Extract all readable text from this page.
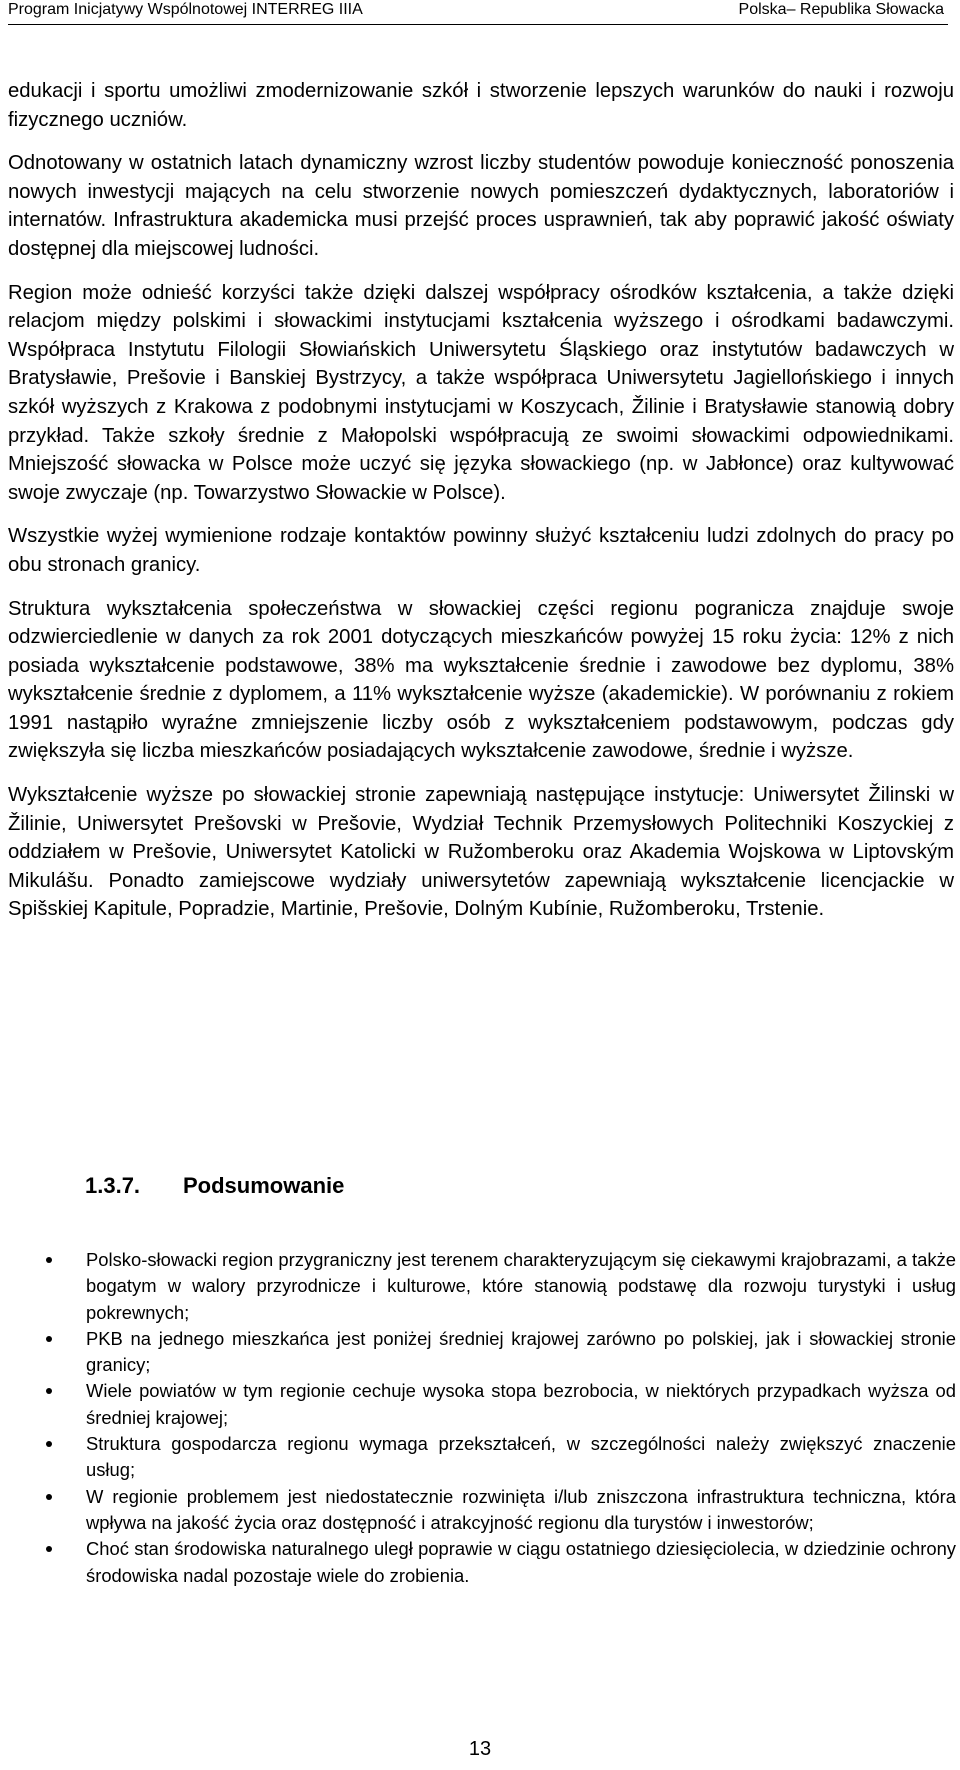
Program Inicjatywy Wspólnotowej INTERREG IIIA	Polska– Republika Słowacka

edukacji i sportu umożliwi zmodernizowanie szkół i stworzenie lepszych warunków do nauki i rozwoju fizycznego uczniów.

Odnotowany w ostatnich latach dynamiczny wzrost liczby studentów powoduje konieczność ponoszenia nowych inwestycji mających na celu stworzenie nowych pomieszczeń dydaktycznych, laboratoriów i internatów. Infrastruktura akademicka musi przejść proces usprawnień, tak aby poprawić jakość oświaty dostępnej dla miejscowej ludności.

Region może odnieść korzyści także dzięki dalszej współpracy ośrodków kształcenia, a także dzięki relacjom między polskimi i słowackimi instytucjami kształcenia wyższego i ośrodkami badawczymi. Współpraca Instytutu Filologii Słowiańskich Uniwersytetu Śląskiego oraz instytutów badawczych w Bratysławie, Prešovie i Banskiej Bystrzycy, a także współpraca Uniwersytetu Jagiellońskiego i innych szkół wyższych z Krakowa z podobnymi instytucjami w Koszycach, Žilinie i Bratysławie stanowią dobry przykład. Także szkoły średnie z Małopolski współpracują ze swoimi słowackimi odpowiednikami. Mniejszość słowacka w Polsce może uczyć się języka słowackiego (np. w Jabłonce) oraz kultywować swoje zwyczaje (np. Towarzystwo Słowackie w Polsce).

Wszystkie wyżej wymienione rodzaje kontaktów powinny służyć kształceniu ludzi zdolnych do pracy po obu stronach granicy.

Struktura wykształcenia społeczeństwa w słowackiej części regionu pogranicza znajduje swoje odzwierciedlenie w danych za rok 2001 dotyczących mieszkańców powyżej 15 roku życia: 12% z nich posiada wykształcenie podstawowe, 38% ma wykształcenie średnie i zawodowe bez dyplomu, 38% wykształcenie średnie z dyplomem, a 11% wykształcenie wyższe (akademickie). W porównaniu z rokiem 1991 nastąpiło wyraźne zmniejszenie liczby osób z wykształceniem podstawowym, podczas gdy zwiększyła się liczba mieszkańców posiadających wykształcenie zawodowe, średnie i wyższe.

Wykształcenie wyższe po słowackiej stronie zapewniają następujące instytucje: Uniwersytet Žilinski w Žilinie, Uniwersytet Prešovski w Prešovie, Wydział Technik Przemysłowych Politechniki Koszyckiej z oddziałem w Prešovie, Uniwersytet Katolicki w Ružomberoku oraz Akademia Wojskowa w Liptovským Mikulášu. Ponadto zamiejscowe wydziały uniwersytetów zapewniają wykształcenie licencjackie w Spišskiej Kapitule, Popradzie, Martinie, Prešovie, Dolným Kubínie, Ružomberoku, Trstenie.

1.3.7. Podsumowanie
Polsko-słowacki region przygraniczny jest terenem charakteryzującym się ciekawymi krajobrazami, a także bogatym w walory przyrodnicze i kulturowe, które stanowią podstawę dla rozwoju turystyki i usług pokrewnych;
PKB na jednego mieszkańca jest poniżej średniej krajowej zarówno po polskiej, jak i słowackiej stronie granicy;
Wiele powiatów w tym regionie cechuje wysoka stopa bezrobocia, w niektórych przypadkach wyższa od średniej krajowej;
Struktura gospodarcza regionu wymaga przekształceń, w szczególności należy zwiększyć znaczenie usług;
W regionie problemem jest niedostatecznie rozwinięta i/lub zniszczona infrastruktura techniczna, która wpływa na jakość życia oraz dostępność i atrakcyjność regionu dla turystów i inwestorów;
Choć stan środowiska naturalnego uległ poprawie w ciągu ostatniego dziesięciolecia, w dziedzinie ochrony środowiska nadal pozostaje wiele do zrobienia.
13
